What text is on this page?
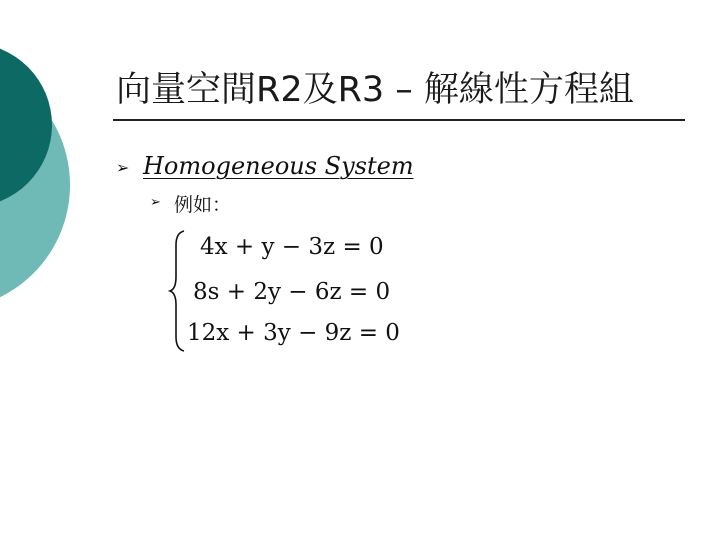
向量空間R2及R3 – 解線性方程組
➢ Homogeneous System
➢ 例如：
4x + y − 3z = 0
8s + 2y − 6z = 0
12x + 3y − 9z = 0
